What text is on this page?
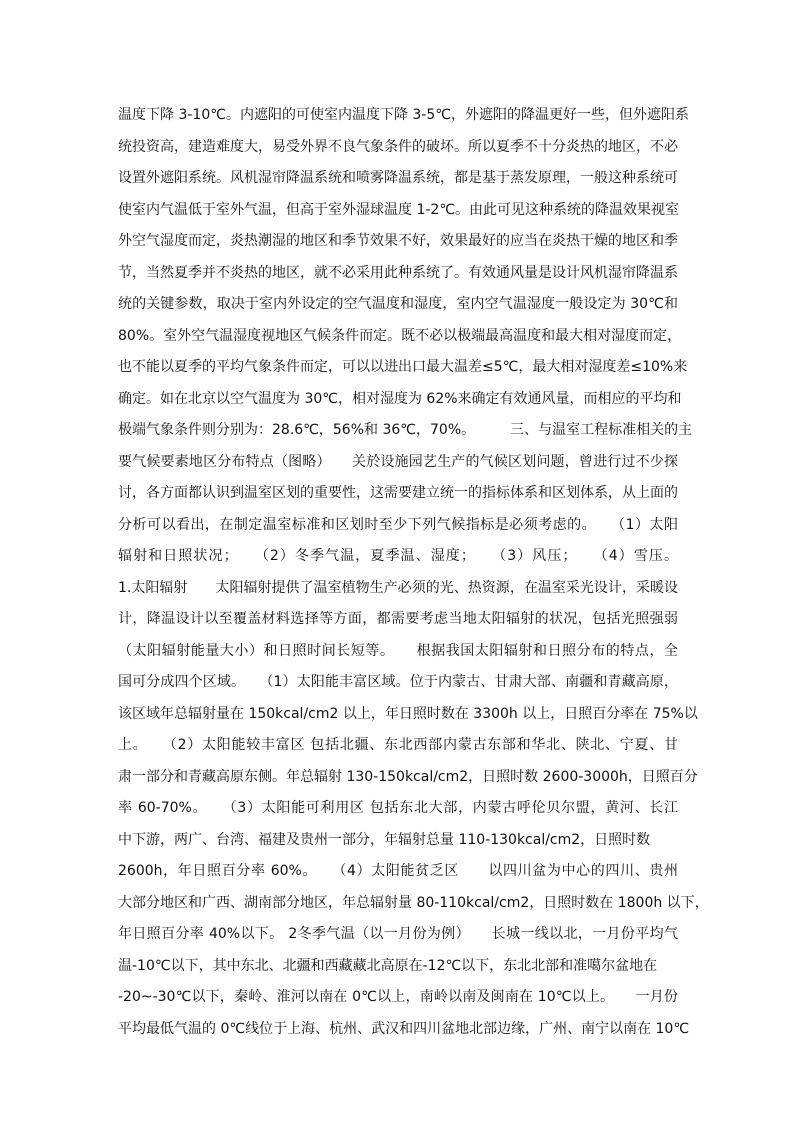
温度下降 3-10℃。内遮阳的可使室内温度下降 3-5℃，外遮阳的降温更好一些，但外遮阳系
统投资高，建造难度大，易受外界不良气象条件的破坏。所以夏季不十分炎热的地区，不必
设置外遮阳系统。风机湿帘降温系统和喷雾降温系统，都是基于蒸发原理，一般这种系统可
使室内气温低于室外气温，但高于室外湿球温度 1-2℃。由此可见这种系统的降温效果视室
外空气湿度而定，炎热潮湿的地区和季节效果不好，效果最好的应当在炎热干燥的地区和季
节，当然夏季并不炎热的地区，就不必采用此种系统了。有效通风量是设计风机湿帘降温系
统的关键参数，取决于室内外设定的空气温度和湿度，室内空气温湿度一般设定为 30℃和
80%。室外空气温湿度视地区气候条件而定。既不必以极端最高温度和最大相对湿度而定，
也不能以夏季的平均气象条件而定，可以以进出口最大温差≤5℃，最大相对湿度差≤10%来
确定。如在北京以空气温度为 30℃，相对湿度为 62%来确定有效通风量，而相应的平均和
极端气象条件则分别为：28.6℃，56%和 36℃，70%。　　　三、与温室工程标准相关的主
要气候要素地区分布特点（图略）　　关於设施园艺生产的气候区划问题，曾进行过不少探
讨，各方面都认识到温室区划的重要性，这需要建立统一的指标体系和区划体系，从上面的
分析可以看出，在制定温室标准和区划时至少下列气候指标是必须考虑的。　　（1）太阳
辐射和日照状况；　　（2）冬季气温，夏季温、湿度；　　（3）风压；　　（4）雪压。
1.太阳辐射　　太阳辐射提供了温室植物生产必须的光、热资源，在温室采光设计，采暖设
计，降温设计以至覆盖材料选择等方面，都需要考虑当地太阳辐射的状况，包括光照强弱
（太阳辐射能量大小）和日照时间长短等。　　根据我国太阳辐射和日照分布的特点，全
国可分成四个区域。　　（1）太阳能丰富区域。位于内蒙古、甘肃大部、南疆和青藏高原，
该区域年总辐射量在 150kcal/cm2 以上，年日照时数在 3300h 以上，日照百分率在 75%以
上。　　（2）太阳能较丰富区 包括北疆、东北西部内蒙古东部和华北、陕北、宁夏、甘
肃一部分和青藏高原东侧。年总辐射 130-150kcal/cm2，日照时数 2600-3000h，日照百分
率 60-70%。　　（3）太阳能可利用区 包括东北大部，内蒙古呼伦贝尔盟，黄河、长江
中下游，两广、台湾、福建及贵州一部分，年辐射总量 110-130kcal/cm2，日照时数
2600h，年日照百分率 60%。　　（4）太阳能贫乏区　　以四川盆为中心的四川、贵州
大部分地区和广西、湖南部分地区，年总辐射量 80-110kcal/cm2，日照时数在 1800h 以下，
年日照百分率 40%以下。 2冬季气温（以一月份为例）　　长城一线以北，一月份平均气
温-10℃以下，其中东北、北疆和西藏藏北高原在-12℃以下，东北北部和准噶尔盆地在
-20~-30℃以下，秦岭、淮河以南在 0℃以上，南岭以南及闽南在 10℃以上。　　一月份
平均最低气温的 0℃线位于上海、杭州、武汉和四川盆地北部边缘，广州、南宁以南在 10℃
